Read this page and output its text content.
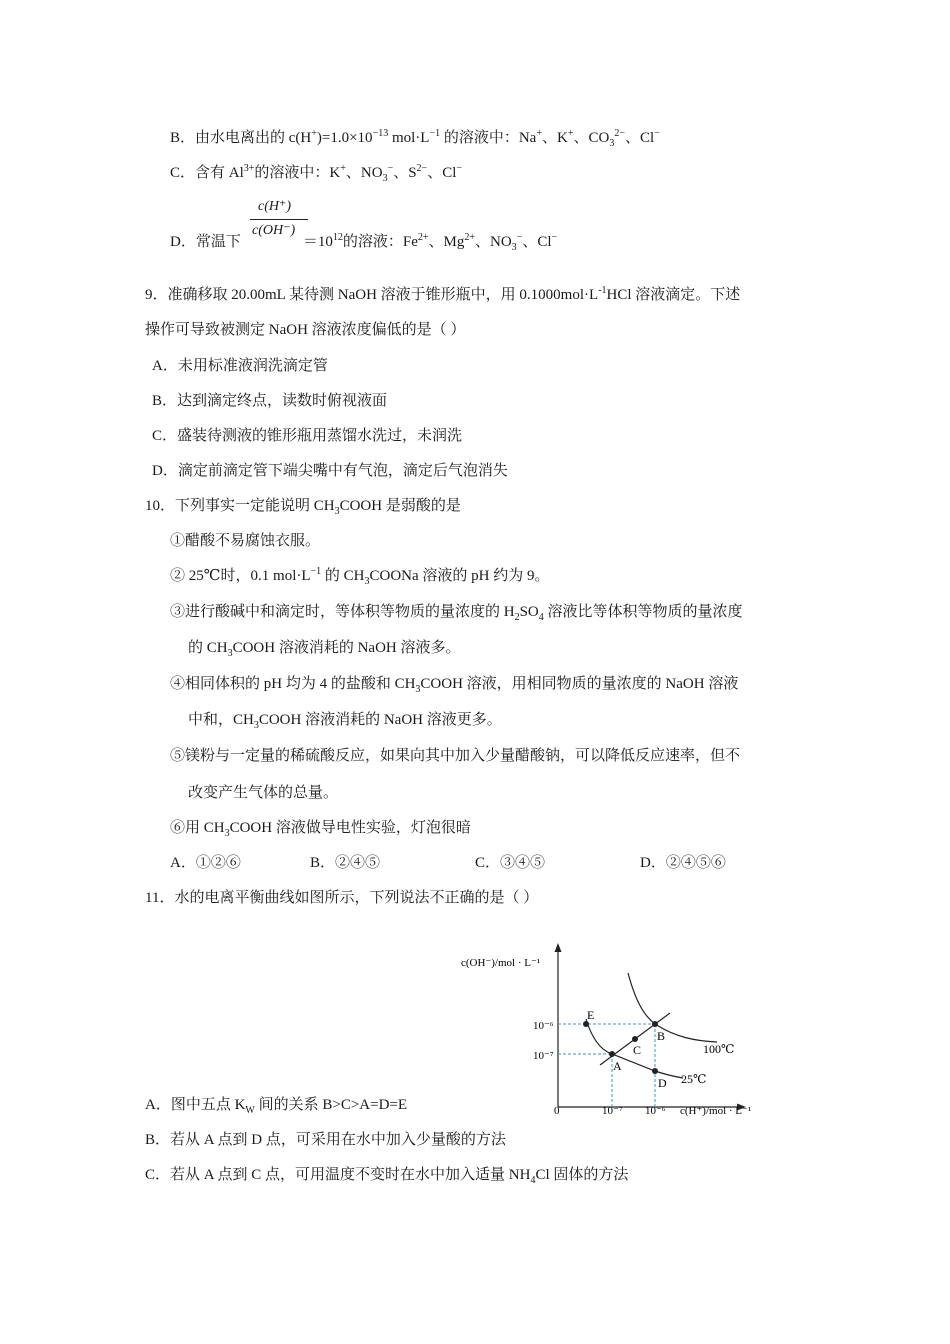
B．由水电离出的 $c(H^+)=1.0\times 10^{-13}$ $mol\cdot L^{-1}$ 的溶液中：Na+、K+、$CO_3^{2-}$、Cl−
C．含有 $Al^{3+}$的溶液中：K+、$NO_3^-$、$S^{2-}$、Cl−
c(H⁺)
c(OH⁻)
D．常温下	$=10^{12}$的溶液：$Fe^{2+}$、$Mg^{2+}$、$NO_3^-$、Cl−
9．准确移取 20.00mL 某待测 NaOH 溶液于锥形瓶中，用 $0.1000mol\cdot L^{-1}HCl$ 溶液滴定。下述
操作可导致被测定 NaOH 溶液浓度偏低的是（ ）
A．未用标准液润洗滴定管
B．达到滴定终点，读数时俯视液面
C．盛装待测液的锥形瓶用蒸馏水洗过，未润洗
D．滴定前滴定管下端尖嘴中有气泡，滴定后气泡消失
10．下列事实一定能说明 $CH_3COOH$ 是弱酸的是
①醋酸不易腐蚀衣服。
② 25℃时，0.1 $mol\cdot L^{-1}$ 的 $CH_3COONa$ 溶液的 pH 约为 9。
③进行酸碱中和滴定时，等体积等物质的量浓度的 $H_2SO_4$ 溶液比等体积等物质的量浓度
的 $CH_3COOH$ 溶液消耗的 NaOH 溶液多。
④相同体积的 pH 均为 4 的盐酸和 $CH_3COOH$ 溶液，用相同物质的量浓度的 NaOH 溶液
中和，$CH_3COOH$ 溶液消耗的 NaOH 溶液更多。
⑤镁粉与一定量的稀硫酸反应，如果向其中加入少量醋酸钠，可以降低反应速率，但不
改变产生气体的总量。
⑥用 $CH_3COOH$ 溶液做导电性实验，灯泡很暗
A．①②⑥	B．②④⑤	C．③④⑤	D．②④⑤⑥
11．水的电离平衡曲线如图所示，下列说法不正确的是（ ）
A
B
C
D
E
100℃
25℃
c(OH⁻)/mol · L⁻¹
c(H⁺)/mol · L⁻¹
0	10⁻⁷ 10⁻⁶
10⁻⁶
10⁻⁷
A．图中五点 $K_W$ 间的关系 B>C>A=D=E
B．若从 A 点到 D 点，可采用在水中加入少量酸的方法
C．若从 A 点到 C 点，可用温度不变时在水中加入适量 $NH_4Cl$ 固体的方法
